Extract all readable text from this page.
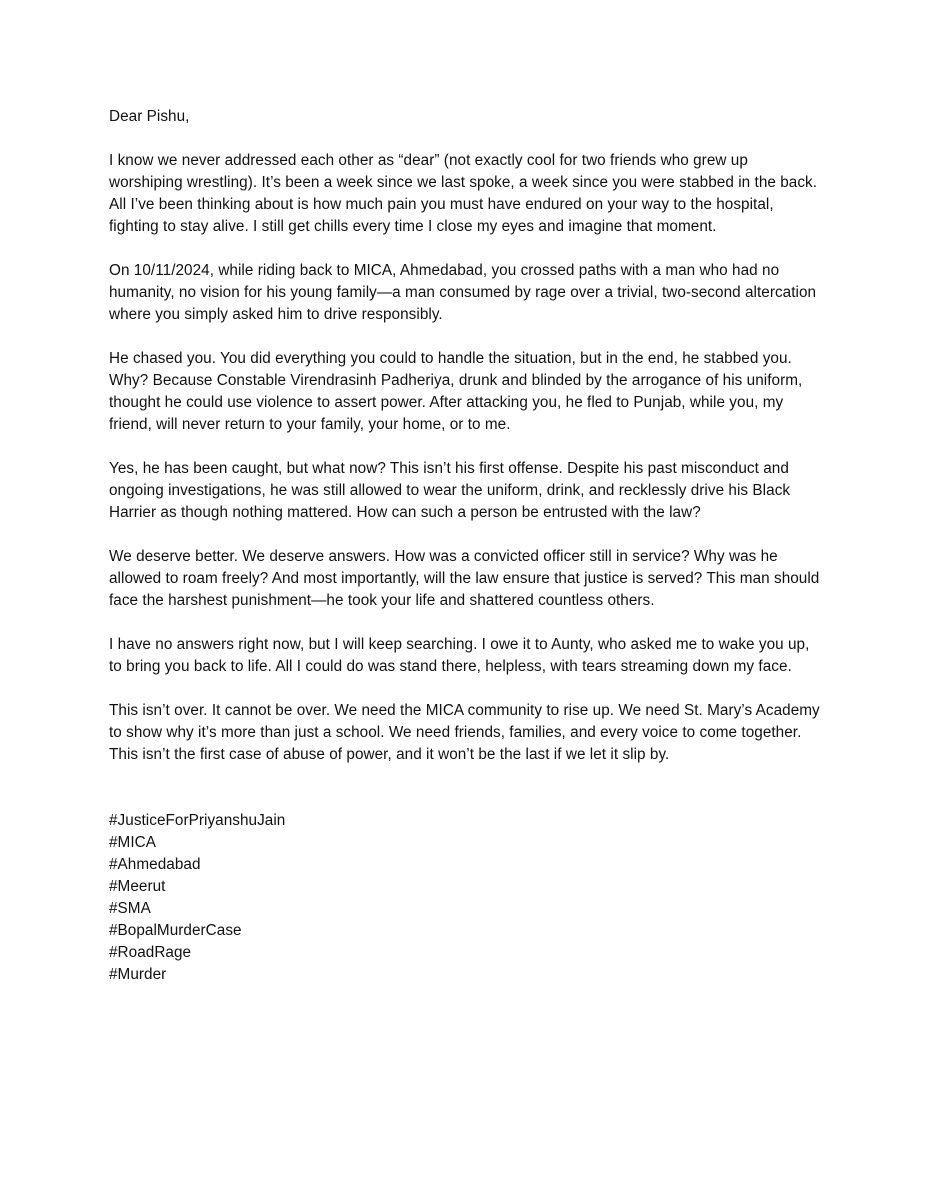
Dear Pishu,

I know we never addressed each other as “dear” (not exactly cool for two friends who grew up worshiping wrestling). It’s been a week since we last spoke, a week since you were stabbed in the back. All I’ve been thinking about is how much pain you must have endured on your way to the hospital, fighting to stay alive. I still get chills every time I close my eyes and imagine that moment.

On 10/11/2024, while riding back to MICA, Ahmedabad, you crossed paths with a man who had no humanity, no vision for his young family—a man consumed by rage over a trivial, two-second altercation where you simply asked him to drive responsibly.

He chased you. You did everything you could to handle the situation, but in the end, he stabbed you. Why? Because Constable Virendrasinh Padheriya, drunk and blinded by the arrogance of his uniform, thought he could use violence to assert power. After attacking you, he fled to Punjab, while you, my friend, will never return to your family, your home, or to me.

Yes, he has been caught, but what now? This isn’t his first offense. Despite his past misconduct and ongoing investigations, he was still allowed to wear the uniform, drink, and recklessly drive his Black Harrier as though nothing mattered. How can such a person be entrusted with the law?

We deserve better. We deserve answers. How was a convicted officer still in service? Why was he allowed to roam freely? And most importantly, will the law ensure that justice is served? This man should face the harshest punishment—he took your life and shattered countless others.

I have no answers right now, but I will keep searching. I owe it to Aunty, who asked me to wake you up, to bring you back to life. All I could do was stand there, helpless, with tears streaming down my face.

This isn’t over. It cannot be over. We need the MICA community to rise up. We need St. Mary’s Academy to show why it’s more than just a school. We need friends, families, and every voice to come together. This isn’t the first case of abuse of power, and it won’t be the last if we let it slip by.

#JusticeForPriyanshuJain
#MICA
#Ahmedabad
#Meerut
#SMA
#BopalMurderCase
#RoadRage
#Murder
